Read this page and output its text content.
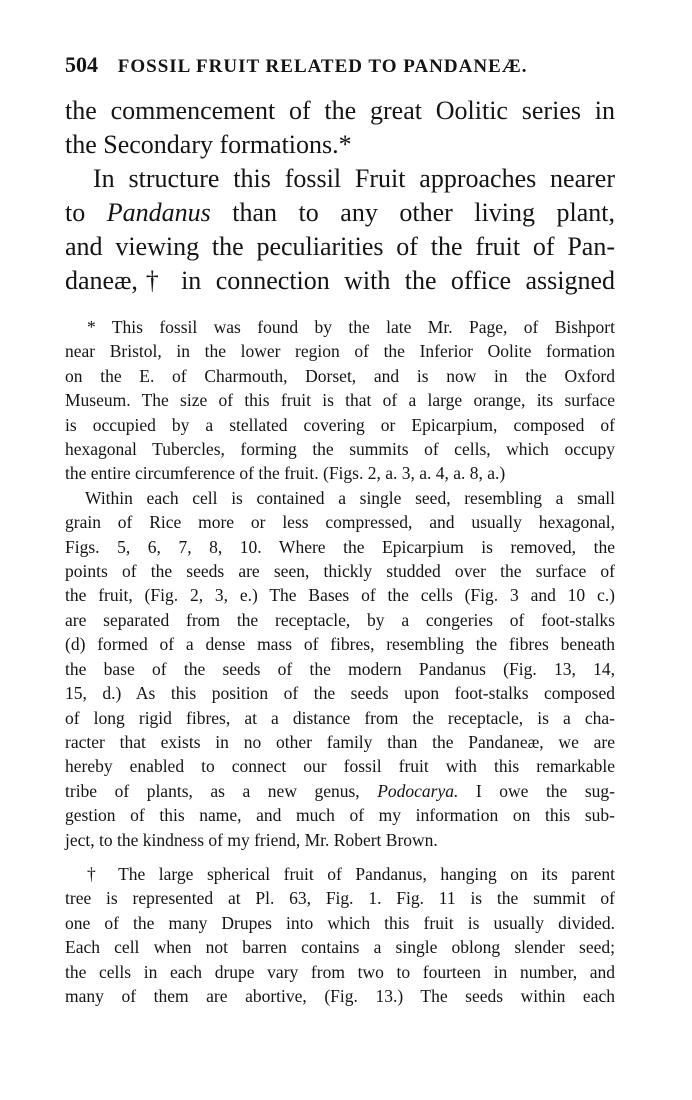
504 FOSSIL FRUIT RELATED TO PANDANEÆ.
the commencement of the great Oolitic series in
the Secondary formations.*
In structure this fossil Fruit approaches nearer
to Pandanus than to any other living plant,
and viewing the peculiarities of the fruit of Pan-
daneæ,† in connection with the office assigned
* This fossil was found by the late Mr. Page, of Bishport
near Bristol, in the lower region of the Inferior Oolite formation
on the E. of Charmouth, Dorset, and is now in the Oxford
Museum. The size of this fruit is that of a large orange, its surface
is occupied by a stellated covering or Epicarpium, composed of
hexagonal Tubercles, forming the summits of cells, which occupy
the entire circumference of the fruit. (Figs. 2, a. 3, a. 4, a. 8, a.)
Within each cell is contained a single seed, resembling a small
grain of Rice more or less compressed, and usually hexagonal,
Figs. 5, 6, 7, 8, 10. Where the Epicarpium is removed, the
points of the seeds are seen, thickly studded over the surface of
the fruit, (Fig. 2, 3, e.) The Bases of the cells (Fig. 3 and 10 c.)
are separated from the receptacle, by a congeries of foot-stalks
(d) formed of a dense mass of fibres, resembling the fibres beneath
the base of the seeds of the modern Pandanus (Fig. 13, 14,
15, d.) As this position of the seeds upon foot-stalks composed
of long rigid fibres, at a distance from the receptacle, is a cha-
racter that exists in no other family than the Pandaneæ, we are
hereby enabled to connect our fossil fruit with this remarkable
tribe of plants, as a new genus, Podocarya. I owe the sug-
gestion of this name, and much of my information on this sub-
ject, to the kindness of my friend, Mr. Robert Brown.
† The large spherical fruit of Pandanus, hanging on its parent
tree is represented at Pl. 63, Fig. 1. Fig. 11 is the summit of
one of the many Drupes into which this fruit is usually divided.
Each cell when not barren contains a single oblong slender seed;
the cells in each drupe vary from two to fourteen in number, and
many of them are abortive, (Fig. 13.) The seeds within each
